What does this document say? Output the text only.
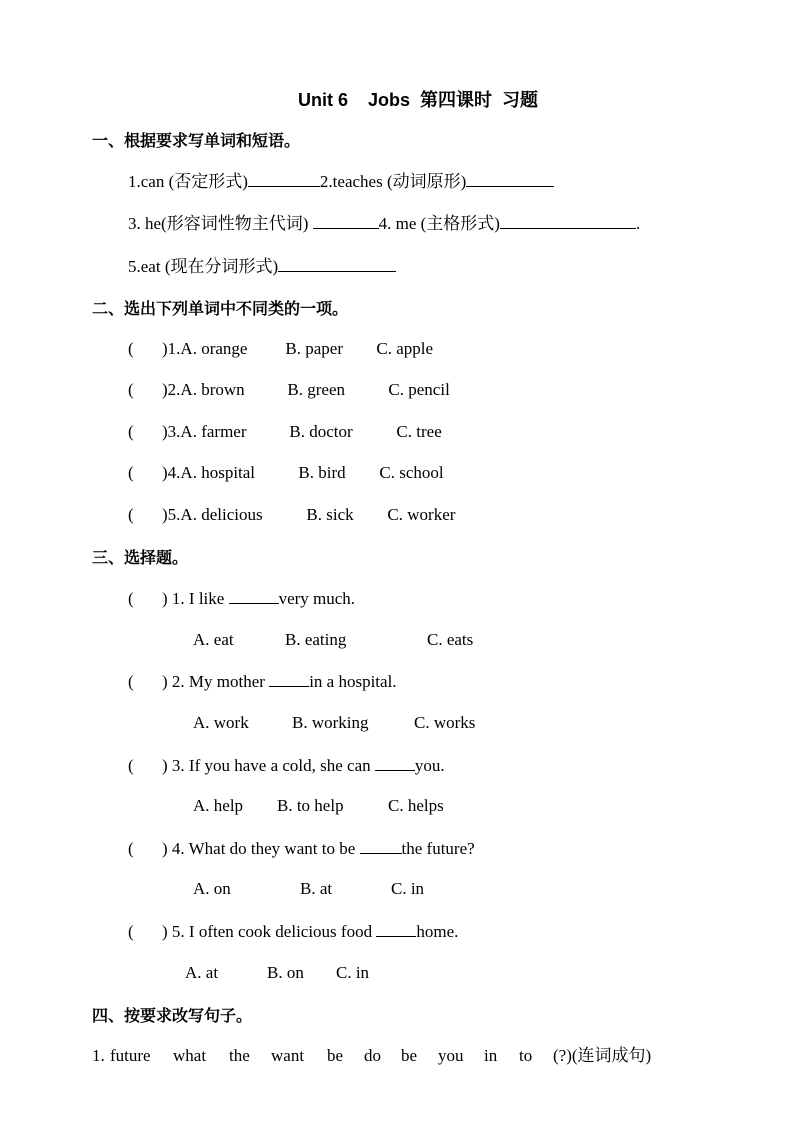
Unit 6    Jobs  第四课时  习题
一、根据要求写单词和短语。
1.can (否定形式)	2.teaches (动词原形)
3. he(形容词性物主代词)	4. me (主格形式)	.
5.eat (现在分词形式)
二、选出下列单词中不同类的一项。
( )1.A. orange B. paper C. apple
( )2.A. brown	B. green	C. pencil
( )3.A. farmer	B. doctor	C. tree
( )4.A. hospital	B. bird C. school
( )5.A. delicious	B. sick C. worker
三、选择题。
( ) 1. I like	very much.
A. eat	B. eating	C. eats
( ) 2. My mother in a hospital.
A. work	B. working	C. works
( ) 3. If you have a cold, she can you.
A. help B. to help	C. helps
( ) 4. What do they want to be the future?
A. on	B. at	C. in
( ) 5. I often cook delicious food home.
A. at	B. on C. in
四、按要求改写句子。
1. future what the want be do be you in to (?)(连词成句)
